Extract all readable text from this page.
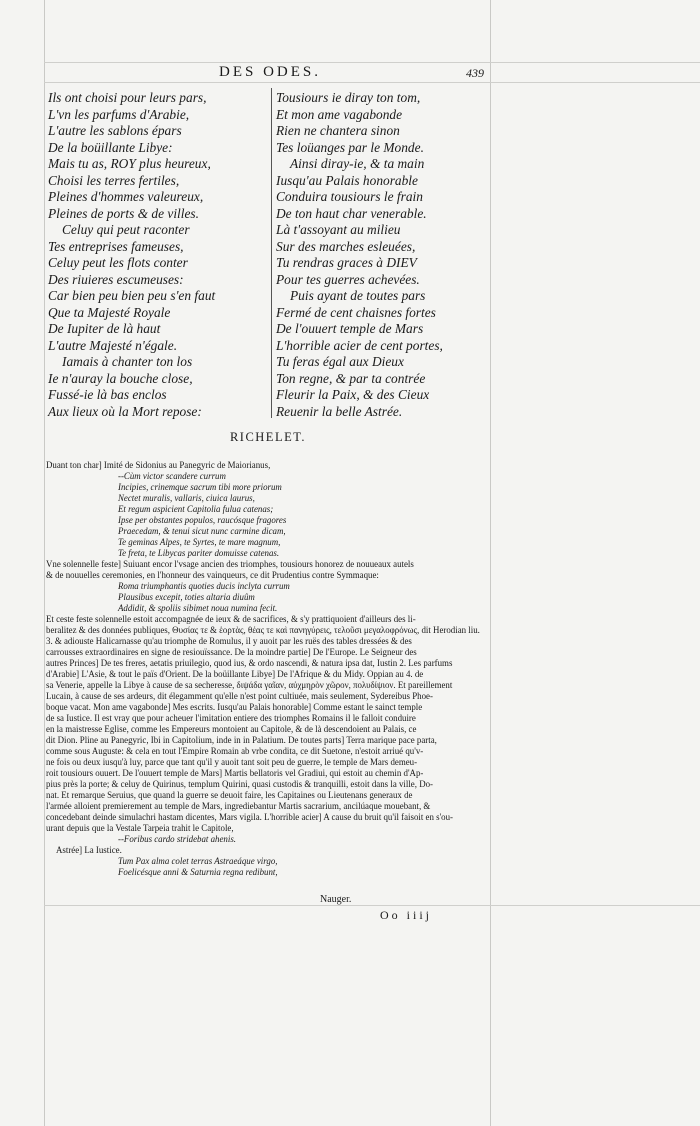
DES ODES.	439
Ils ont choisi pour leurs pars,
L'vn les parfums d'Arabie,
L'autre les sablons épars
De la boüillante Libye:
Mais tu as, ROY plus heureux,
Choisi les terres fertiles,
Pleines d'hommes valeureux,
Pleines de ports & de villes.
Celuy qui peut raconter
Tes entreprises fameuses,
Celuy peut les flots conter
Des riuieres escumeuses:
Car bien peu bien peu s'en faut
Que ta Majesté Royale
De Iupiter de là haut
L'autre Majesté n'égale.
Iamais à chanter ton los
Ie n'auray la bouche close,
Fussé-ie là bas enclos
Aux lieux où la Mort repose:
Tousiours ie diray ton tom,
Et mon ame vagabonde
Rien ne chantera sinon
Tes loüanges par le Monde.
Ainsi diray-ie, & ta main
Iusqu'au Palais honorable
Conduira tousiours le frain
De ton haut char venerable.
Là t'assoyant au milieu
Sur des marches esleuées,
Tu rendras graces à DIEV
Pour tes guerres achevées.
Puis ayant de toutes pars
Fermé de cent chaisnes fortes
De l'ouuert temple de Mars
L'horrible acier de cent portes,
Tu feras égal aux Dieux
Ton regne, & par ta contrée
Fleurir la Paix, & des Cieux
Reuenir la belle Astrée.
RICHELET.
Duant ton char] Imité de Sidonius au Panegyric de Maiorianus,
--Cùm victor scandere currum
Incipies, crinemque sacrum tibi more priorum
Nectet muralis, vallaris, ciuica laurus,
Et regum aspicient Capitolia fulua catenas;
Ipse per obstantes populos, raucósque fragores
Praecedam, & tenui sicut nunc carmine dicam,
Te geminas Alpes, te Syrtes, te mare magnum,
Te freta, te Libycas pariter domuisse catenas.
Vne solennelle feste] Suiuant encor l'vsage ancien des triomphes, tousiours honorez de nouueaux autels
& de nouuelles ceremonies, en l'honneur des vainqueurs, ce dit Prudentius contre Symmaque:
Roma triumphantis quoties ducis inclyta currum
Plausibus excepit, toties altaria diuûm
Addidit, & spoliis sibimet noua numina fecit.
Et ceste feste solennelle estoit accompagnée de ieux & de sacrifices, & s'y prattiquoient d'ailleurs des li-
beralitez & des données publiques, Θυσίας τε & ἑορτὰς, θέας τε καὶ πανηγύρεις, τελοῦσι μεγαλοφρόνως, dit Herodian liu.
3. & adiouste Halicarnasse qu'au triomphe de Romulus, il y auoit par les ruës des tables dressées & des
carrousses extraordinaires en signe de resiouïssance. De la moindre partie] De l'Europe. Le Seigneur des
autres Princes] De tes freres, aetatis priuilegio, quod ius, & ordo nascendi, & natura ipsa dat, Iustin 2. Les parfums
d'Arabie] L'Asie, & tout le païs d'Orient. De la boüillante Libye] De l'Afrique & du Midy. Oppian au 4. de
sa Venerie, appelle la Libye à cause de sa secheresse, διψάδα γαῖαν, αὐχμηρὸν χῶρον, πολυδίψιον. Et pareillement
Lucain, à cause de ses ardeurs, dit élegamment qu'elle n'est point cultiuée, mais seulement, Sydereibus Phoe-
boque vacat. Mon ame vagabonde] Mes escrits. Iusqu'au Palais honorable] Comme estant le sainct temple
de sa Iustice. Il est vray que pour acheuer l'imitation entiere des triomphes Romains il le falloit conduire
en la maistresse Eglise, comme les Empereurs montoient au Capitole, & de là descendoient au Palais, ce
dit Dion. Pline au Panegyric, Ibi in Capitolium, inde in in Palatium. De toutes parts] Terra marique pace parta,
comme sous Auguste: & cela en tout l'Empire Romain ab vrbe condita, ce dit Suetone, n'estoit arriué qu'v-
ne fois ou deux iusqu'à luy, parce que tant qu'il y auoit tant soit peu de guerre, le temple de Mars demeu-
roit tousiours ouuert. De l'ouuert temple de Mars] Martis bellatoris vel Gradiui, qui estoit au chemin d'Ap-
pius près la porte; & celuy de Quirinus, templum Quirini, quasi custodis & tranquilli, estoit dans la ville, Do-
nat. Et remarque Seruius, que quand la guerre se deuoit faire, les Capitaines ou Lieutenans generaux de
l'armée alloient premierement au temple de Mars, ingrediebantur Martis sacrarium, ancilúaque mouebant, &
concedebant deinde simulachri hastam dicentes, Mars vigila. L'horrible acier] A cause du bruit qu'il faisoit en s'ou-
urant depuis que la Vestale Tarpeia trahit le Capitole,
--Foribus cardo stridebat ahenis.
Astrée] La Iustice.
Tum Pax alma colet terras Astraeáque virgo,
Foelicésque anni & Saturnia regna redibunt,
Nauger.
Oo iiij
